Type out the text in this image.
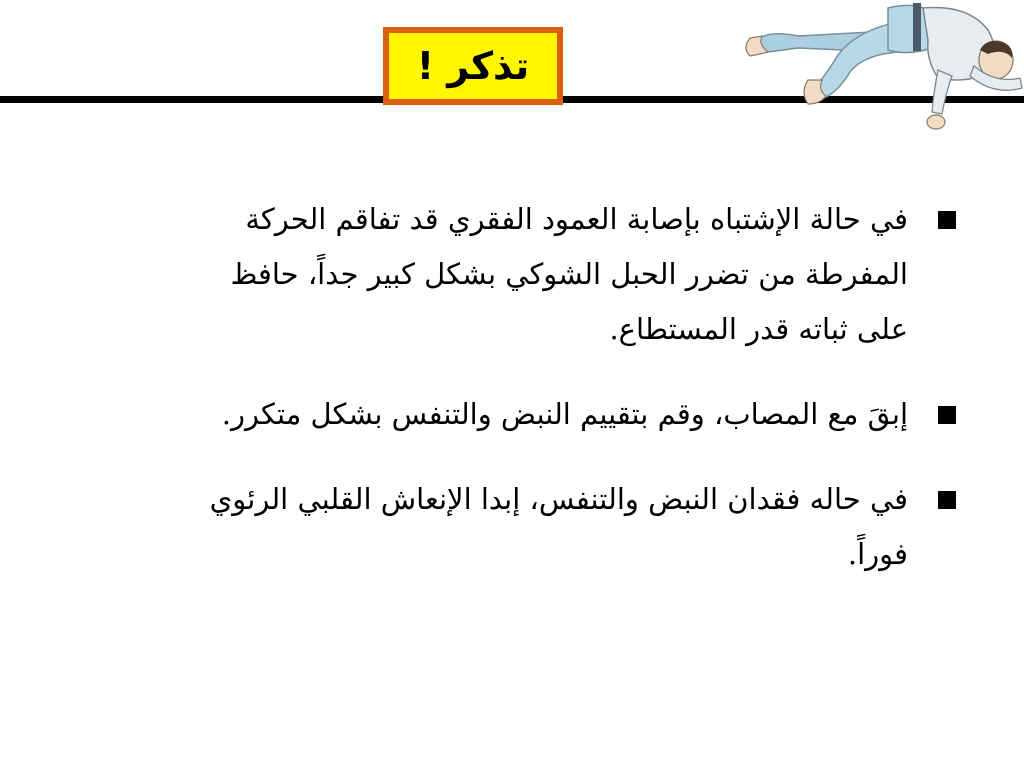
تذكر !
في حالة الإشتباه بإصابة العمود الفقري قد تفاقم الحركة المفرطة من تضرر الحبل الشوكي بشكل كبير جداً، حافظ على ثباته قدر المستطاع.
إبقَ مع المصاب، وقم بتقييم النبض والتنفس بشكل متكرر.
في حاله فقدان النبض والتنفس، إبدا الإنعاش القلبي الرئوي فوراً.
